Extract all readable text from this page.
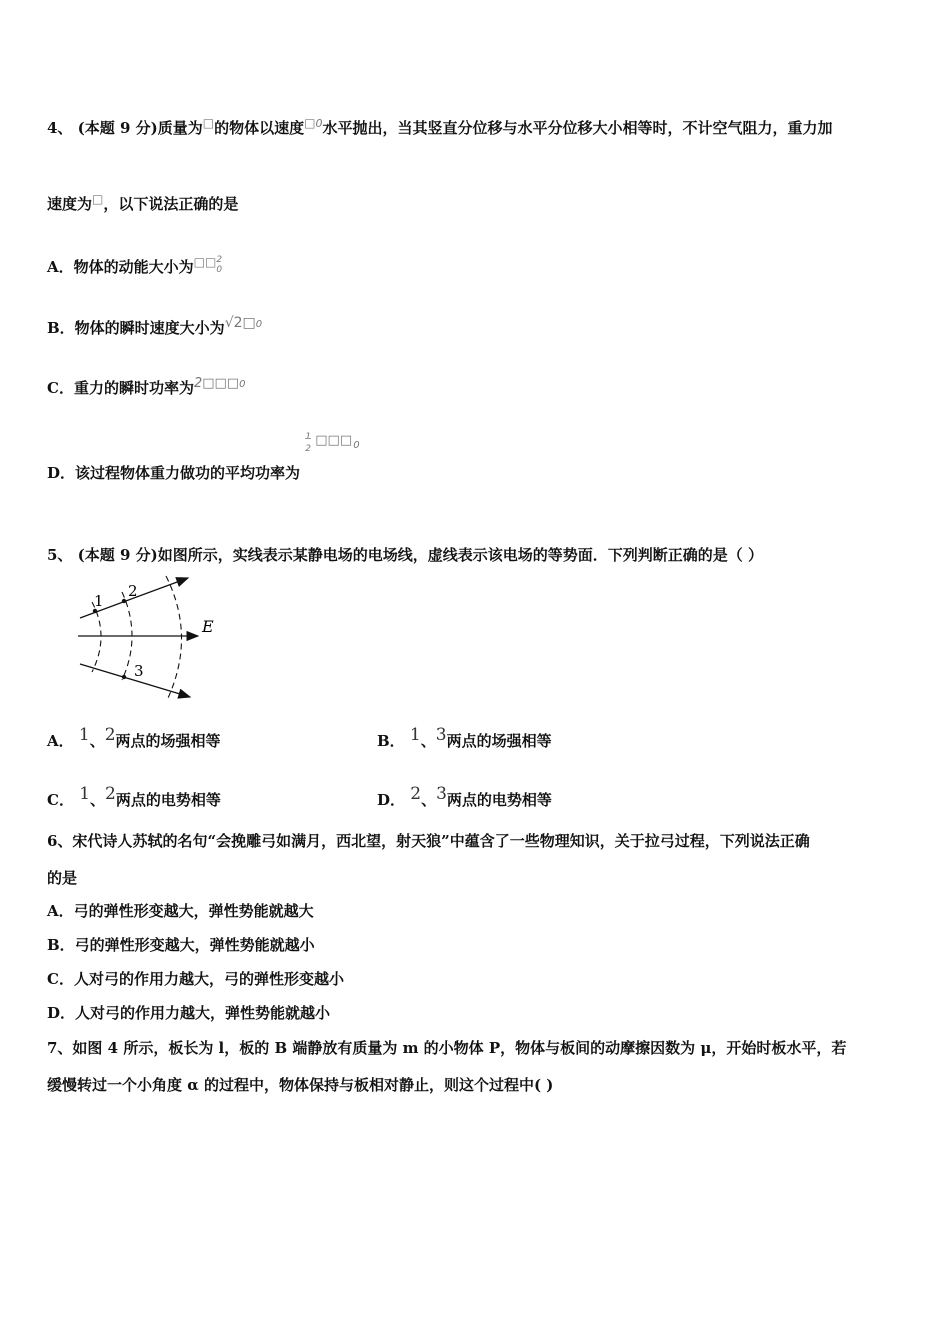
4、 (本题 9 分)质量为□的物体以速度□0水平抛出，当其竖直分位移与水平分位移大小相等时，不计空气阻力，重力加
速度为□，以下说法正确的是
A．物体的动能大小为□□ 2
0
B．物体的瞬时速度大小为√2□0
C．重力的瞬时功率为2□□□0
D．该过程物体重力做功的平均功率为
1
2
□□□ 0
5、 (本题 9 分)如图所示，实线表示某静电场的电场线，虚线表示该电场的等势面．下列判断正确的是（ ）
1
2
3
E
A． 1、2两点的场强相等	B． 1、3两点的场强相等
C． 1、2两点的电势相等	D． 2、3两点的电势相等
6、宋代诗人苏轼的名句“会挽雕弓如满月，西北望，射天狼”中蕴含了一些物理知识，关于拉弓过程，下列说法正确
的是
A．弓的弹性形变越大，弹性势能就越大
B．弓的弹性形变越大，弹性势能就越小
C．人对弓的作用力越大，弓的弹性形变越小
D．人对弓的作用力越大，弹性势能就越小
7、如图 4 所示，板长为 l，板的 B 端静放有质量为 m 的小物体 P，物体与板间的动摩擦因数为 μ，开始时板水平，若
缓慢转过一个小角度 α 的过程中，物体保持与板相对静止，则这个过程中( )
